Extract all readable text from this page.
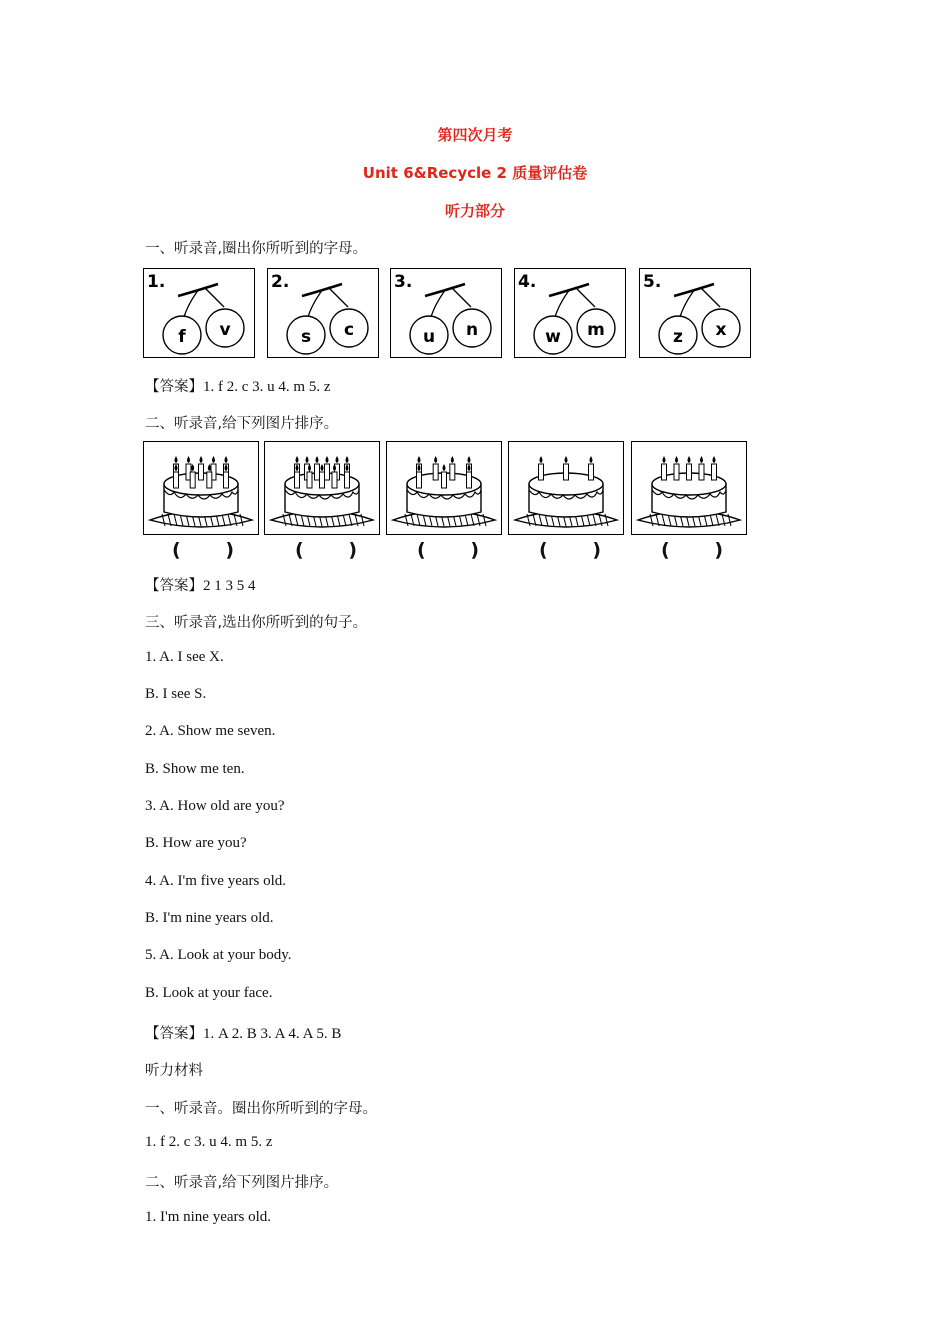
第四次月考
Unit 6&Recycle 2 质量评估卷
听力部分
一、听录音,圈出你所听到的字母。
1.
f v
2.
s c
3.
u n
4.
w m
5.
z x
【答案】1. f 2. c 3. u 4. m 5. z
二、听录音,给下列图片排序。
( )	( )	( )	( )	( )
【答案】2 1 3 5 4
三、听录音,选出你所听到的句子。
1. A. I see X.
B. I see S.
2. A. Show me seven.
B. Show me ten.
3. A. How old are you?
B. How are you?
4. A. I'm five years old.
B. I'm nine years old.
5. A. Look at your body.
B. Look at your face.
【答案】1. A 2. B 3. A 4. A 5. B
听力材料
一、听录音。圈出你所听到的字母。
1. f 2. c 3. u 4. m 5. z
二、听录音,给下列图片排序。
1. I'm nine years old.
